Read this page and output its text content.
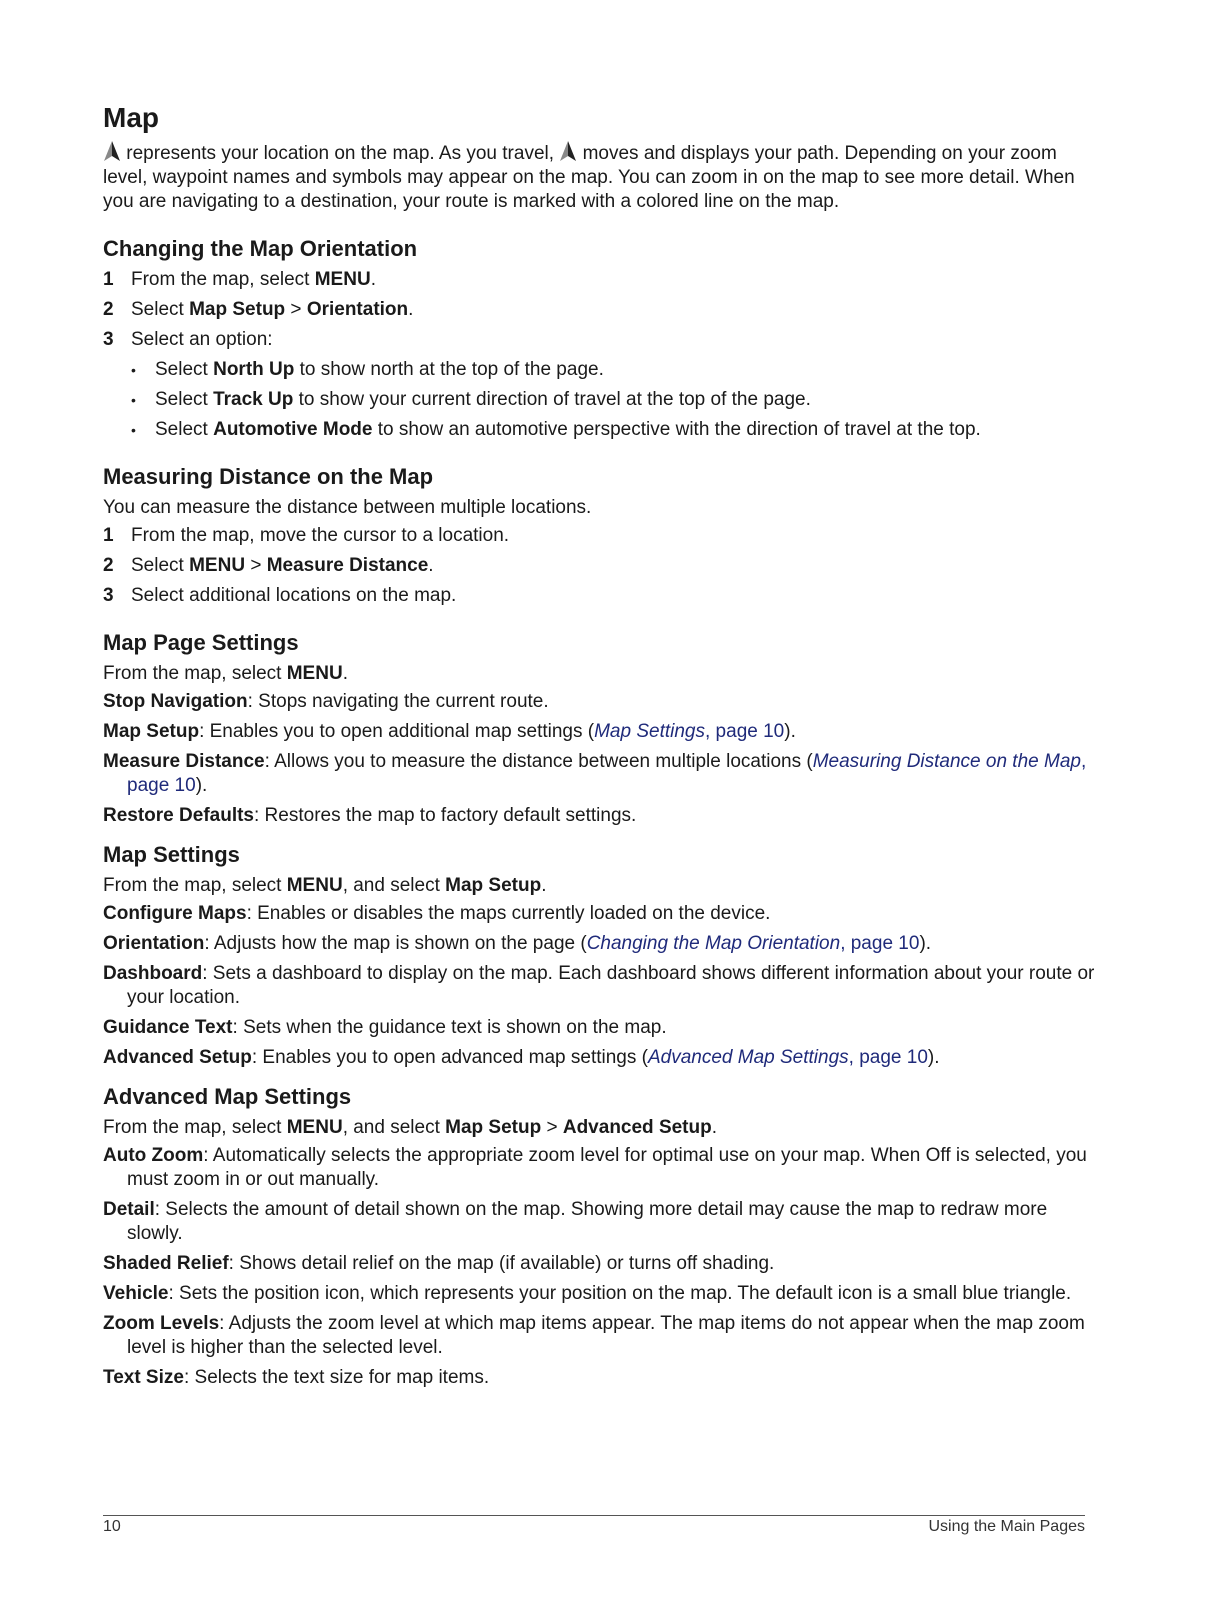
Map

represents your location on the map. As you travel, moves and displays your path. Depending on your zoom level, waypoint names and symbols may appear on the map. You can zoom in on the map to see more detail. When you are navigating to a destination, your route is marked with a colored line on the map.

Changing the Map Orientation
1 From the map, select MENU.
2 Select Map Setup > Orientation.
3 Select an option:
•	Select North Up to show north at the top of the page.
•	Select Track Up to show your current direction of travel at the top of the page.
•	Select Automotive Mode to show an automotive perspective with the direction of travel at the top.
Measuring Distance on the Map

You can measure the distance between multiple locations.

1 From the map, move the cursor to a location.
2 Select MENU > Measure Distance.
3 Select additional locations on the map.
Map Page Settings

From the map, select MENU.

Stop Navigation: Stops navigating the current route.
Map Setup: Enables you to open additional map settings (Map Settings, page 10).
Measure Distance: Allows you to measure the distance between multiple locations (Measuring Distance on the Map, page 10).
Restore Defaults: Restores the map to factory default settings.
Map Settings

From the map, select MENU, and select Map Setup.

Configure Maps: Enables or disables the maps currently loaded on the device.
Orientation: Adjusts how the map is shown on the page (Changing the Map Orientation, page 10).
Dashboard: Sets a dashboard to display on the map. Each dashboard shows different information about your route or your location.
Guidance Text: Sets when the guidance text is shown on the map.
Advanced Setup: Enables you to open advanced map settings (Advanced Map Settings, page 10).
Advanced Map Settings

From the map, select MENU, and select Map Setup > Advanced Setup.

Auto Zoom: Automatically selects the appropriate zoom level for optimal use on your map. When Off is selected, you must zoom in or out manually.
Detail: Selects the amount of detail shown on the map. Showing more detail may cause the map to redraw more slowly.
Shaded Relief: Shows detail relief on the map (if available) or turns off shading.
Vehicle: Sets the position icon, which represents your position on the map. The default icon is a small blue triangle.
Zoom Levels: Adjusts the zoom level at which map items appear. The map items do not appear when the map zoom level is higher than the selected level.
Text Size: Selects the text size for map items.
10	Using the Main Pages
